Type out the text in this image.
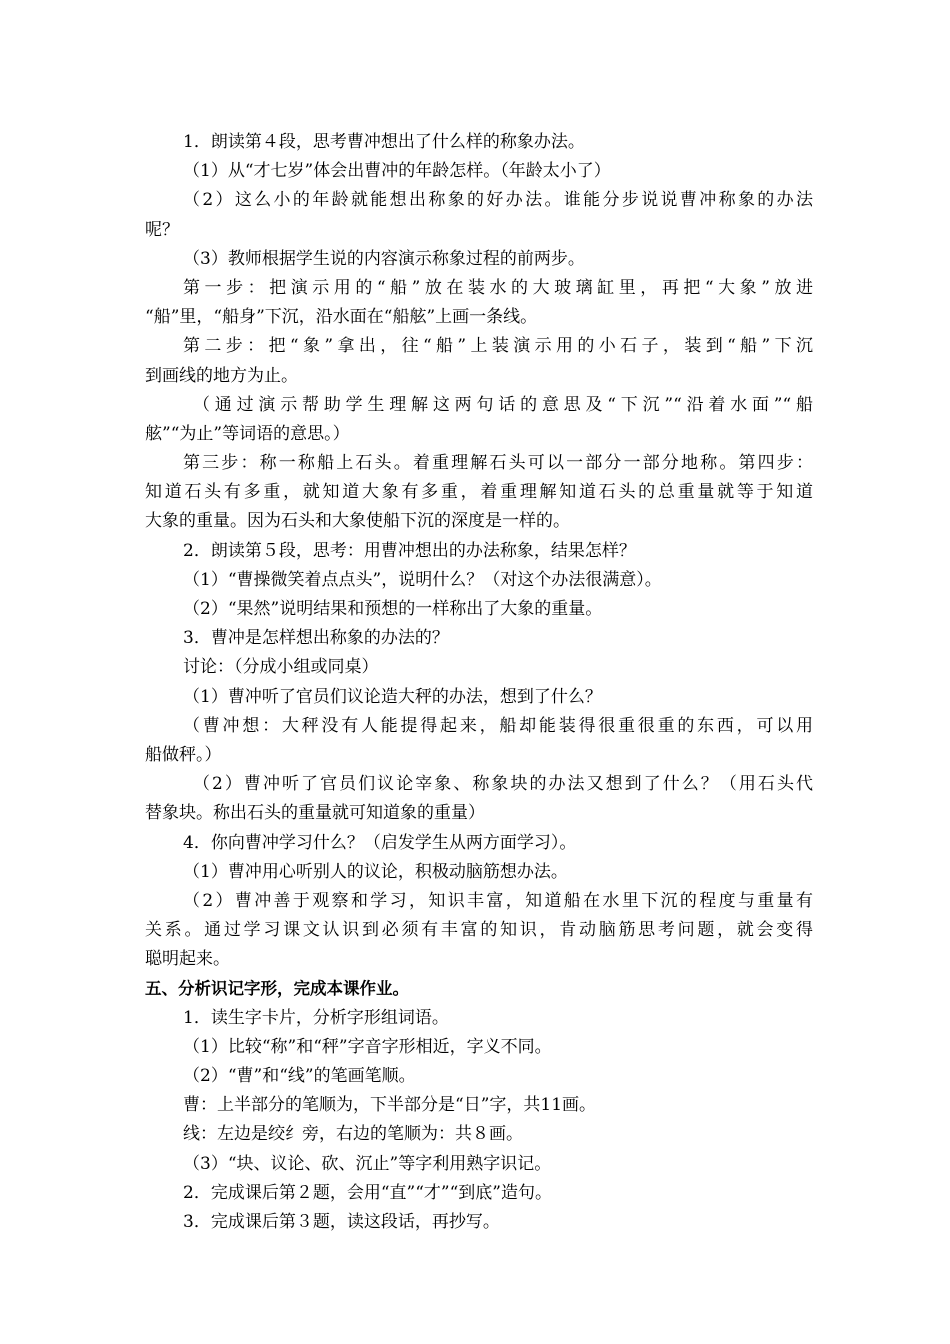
1．朗读第４段，思考曹冲想出了什么样的称象办法。
（1）从“才七岁”体会出曹冲的年龄怎样。（年龄太小了）
（2）这么小的年龄就能想出称象的好办法。谁能分步说说曹冲称象的办法
呢？
（3）教师根据学生说的内容演示称象过程的前两步。
第一步：把演示用的“船”放在装水的大玻璃缸里，再把“大象”放进
“船”里，“船身”下沉，沿水面在“船舷”上画一条线。
第二步：把“象”拿出，往“船”上装演示用的小石子，装到“船”下沉
到画线的地方为止。
（通过演示帮助学生理解这两句话的意思及“下沉”“沿着水面”“船
舷”“为止”等词语的意思。）
第三步：称一称船上石头。着重理解石头可以一部分一部分地称。第四步：
知道石头有多重，就知道大象有多重，着重理解知道石头的总重量就等于知道
大象的重量。因为石头和大象使船下沉的深度是一样的。
2．朗读第５段，思考：用曹冲想出的办法称象，结果怎样？
（1）“曹操微笑着点点头”，说明什么？（对这个办法很满意）。
（2）“果然”说明结果和预想的一样称出了大象的重量。
3．曹冲是怎样想出称象的办法的？
讨论：（分成小组或同桌）
（1）曹冲听了官员们议论造大秤的办法，想到了什么？
（曹冲想：大秤没有人能提得起来，船却能装得很重很重的东西，可以用
船做秤。）
（2）曹冲听了官员们议论宰象、称象块的办法又想到了什么？（用石头代
替象块。称出石头的重量就可知道象的重量）
4．你向曹冲学习什么？（启发学生从两方面学习）。
（1）曹冲用心听别人的议论，积极动脑筋想办法。
（2）曹冲善于观察和学习，知识丰富，知道船在水里下沉的程度与重量有
关系。通过学习课文认识到必须有丰富的知识，肯动脑筋思考问题，就会变得
聪明起来。
五、分析识记字形，完成本课作业。
1．读生字卡片，分析字形组词语。
（1）比较“称”和“秤”字音字形相近，字义不同。
（2）“曹”和“线”的笔画笔顺。
曹：上半部分的笔顺为，下半部分是“日”字，共11画。
线：左边是绞纟旁，右边的笔顺为：共８画。
（3）“块、议论、砍、沉止”等字利用熟字识记。
2．完成课后第２题，会用“直”“才”“到底”造句。
3．完成课后第３题，读这段话，再抄写。
